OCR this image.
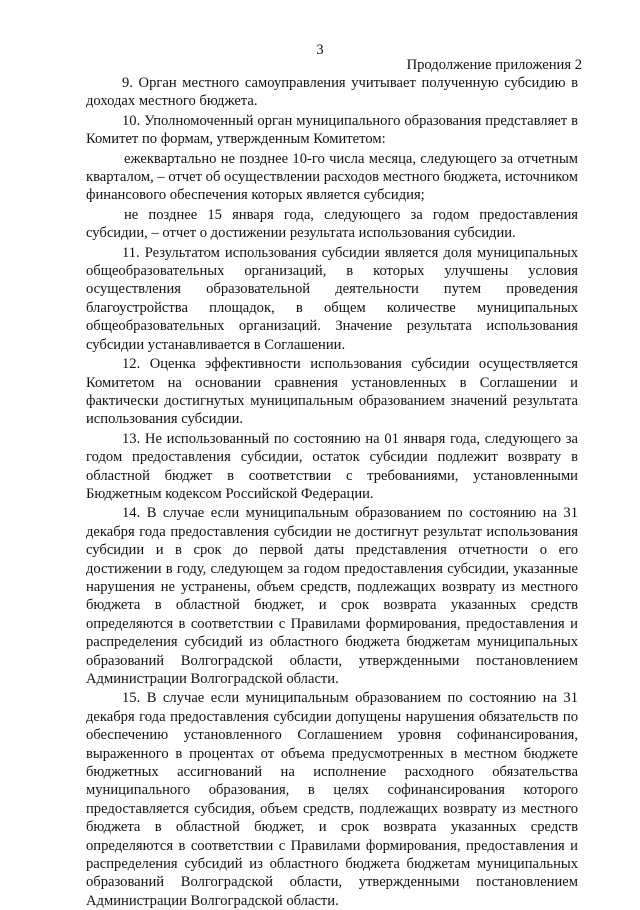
3
Продолжение приложения 2

9. Орган местного самоуправления учитывает полученную субсидию в доходах местного бюджета.

10. Уполномоченный орган муниципального образования представляет в Комитет по формам, утвержденным Комитетом:

ежеквартально не позднее 10-го числа месяца, следующего за отчетным кварталом, – отчет об осуществлении расходов местного бюджета, источником финансового обеспечения которых является субсидия;

не позднее 15 января года, следующего за годом предоставления субсидии, – отчет о достижении результата использования субсидии.

11. Результатом использования субсидии является доля муниципальных общеобразовательных организаций, в которых улучшены условия осуществления образовательной деятельности путем проведения благоустройства площадок, в общем количестве муниципальных общеобразовательных организаций. Значение результата использования субсидии устанавливается в Соглашении.

12. Оценка эффективности использования субсидии осуществляется Комитетом на основании сравнения установленных в Соглашении и фактически достигнутых муниципальным образованием значений результата использования субсидии.

13. Не использованный по состоянию на 01 января года, следующего за годом предоставления субсидии, остаток субсидии подлежит возврату в областной бюджет в соответствии с требованиями, установленными Бюджетным кодексом Российской Федерации.

14. В случае если муниципальным образованием по состоянию на 31 декабря года предоставления субсидии не достигнут результат использования субсидии и в срок до первой даты представления отчетности о его достижении в году, следующем за годом предоставления субсидии, указанные нарушения не устранены, объем средств, подлежащих возврату из местного бюджета в областной бюджет, и срок возврата указанных средств определяются в соответствии с Правилами формирования, предоставления и распределения субсидий из областного бюджета бюджетам муниципальных образований Волгоградской области, утвержденными постановлением Администрации Волгоградской области.

15. В случае если муниципальным образованием по состоянию на 31 декабря года предоставления субсидии допущены нарушения обязательств по обеспечению установленного Соглашением уровня софинансирования, выраженного в процентах от объема предусмотренных в местном бюджете бюджетных ассигнований на исполнение расходного обязательства муниципального образования, в целях софинансирования которого предоставляется субсидия, объем средств, подлежащих возврату из местного бюджета в областной бюджет, и срок возврата указанных средств определяются в соответствии с Правилами формирования, предоставления и распределения субсидий из областного бюджета бюджетам муниципальных образований Волгоградской области, утвержденными постановлением Администрации Волгоградской области.
